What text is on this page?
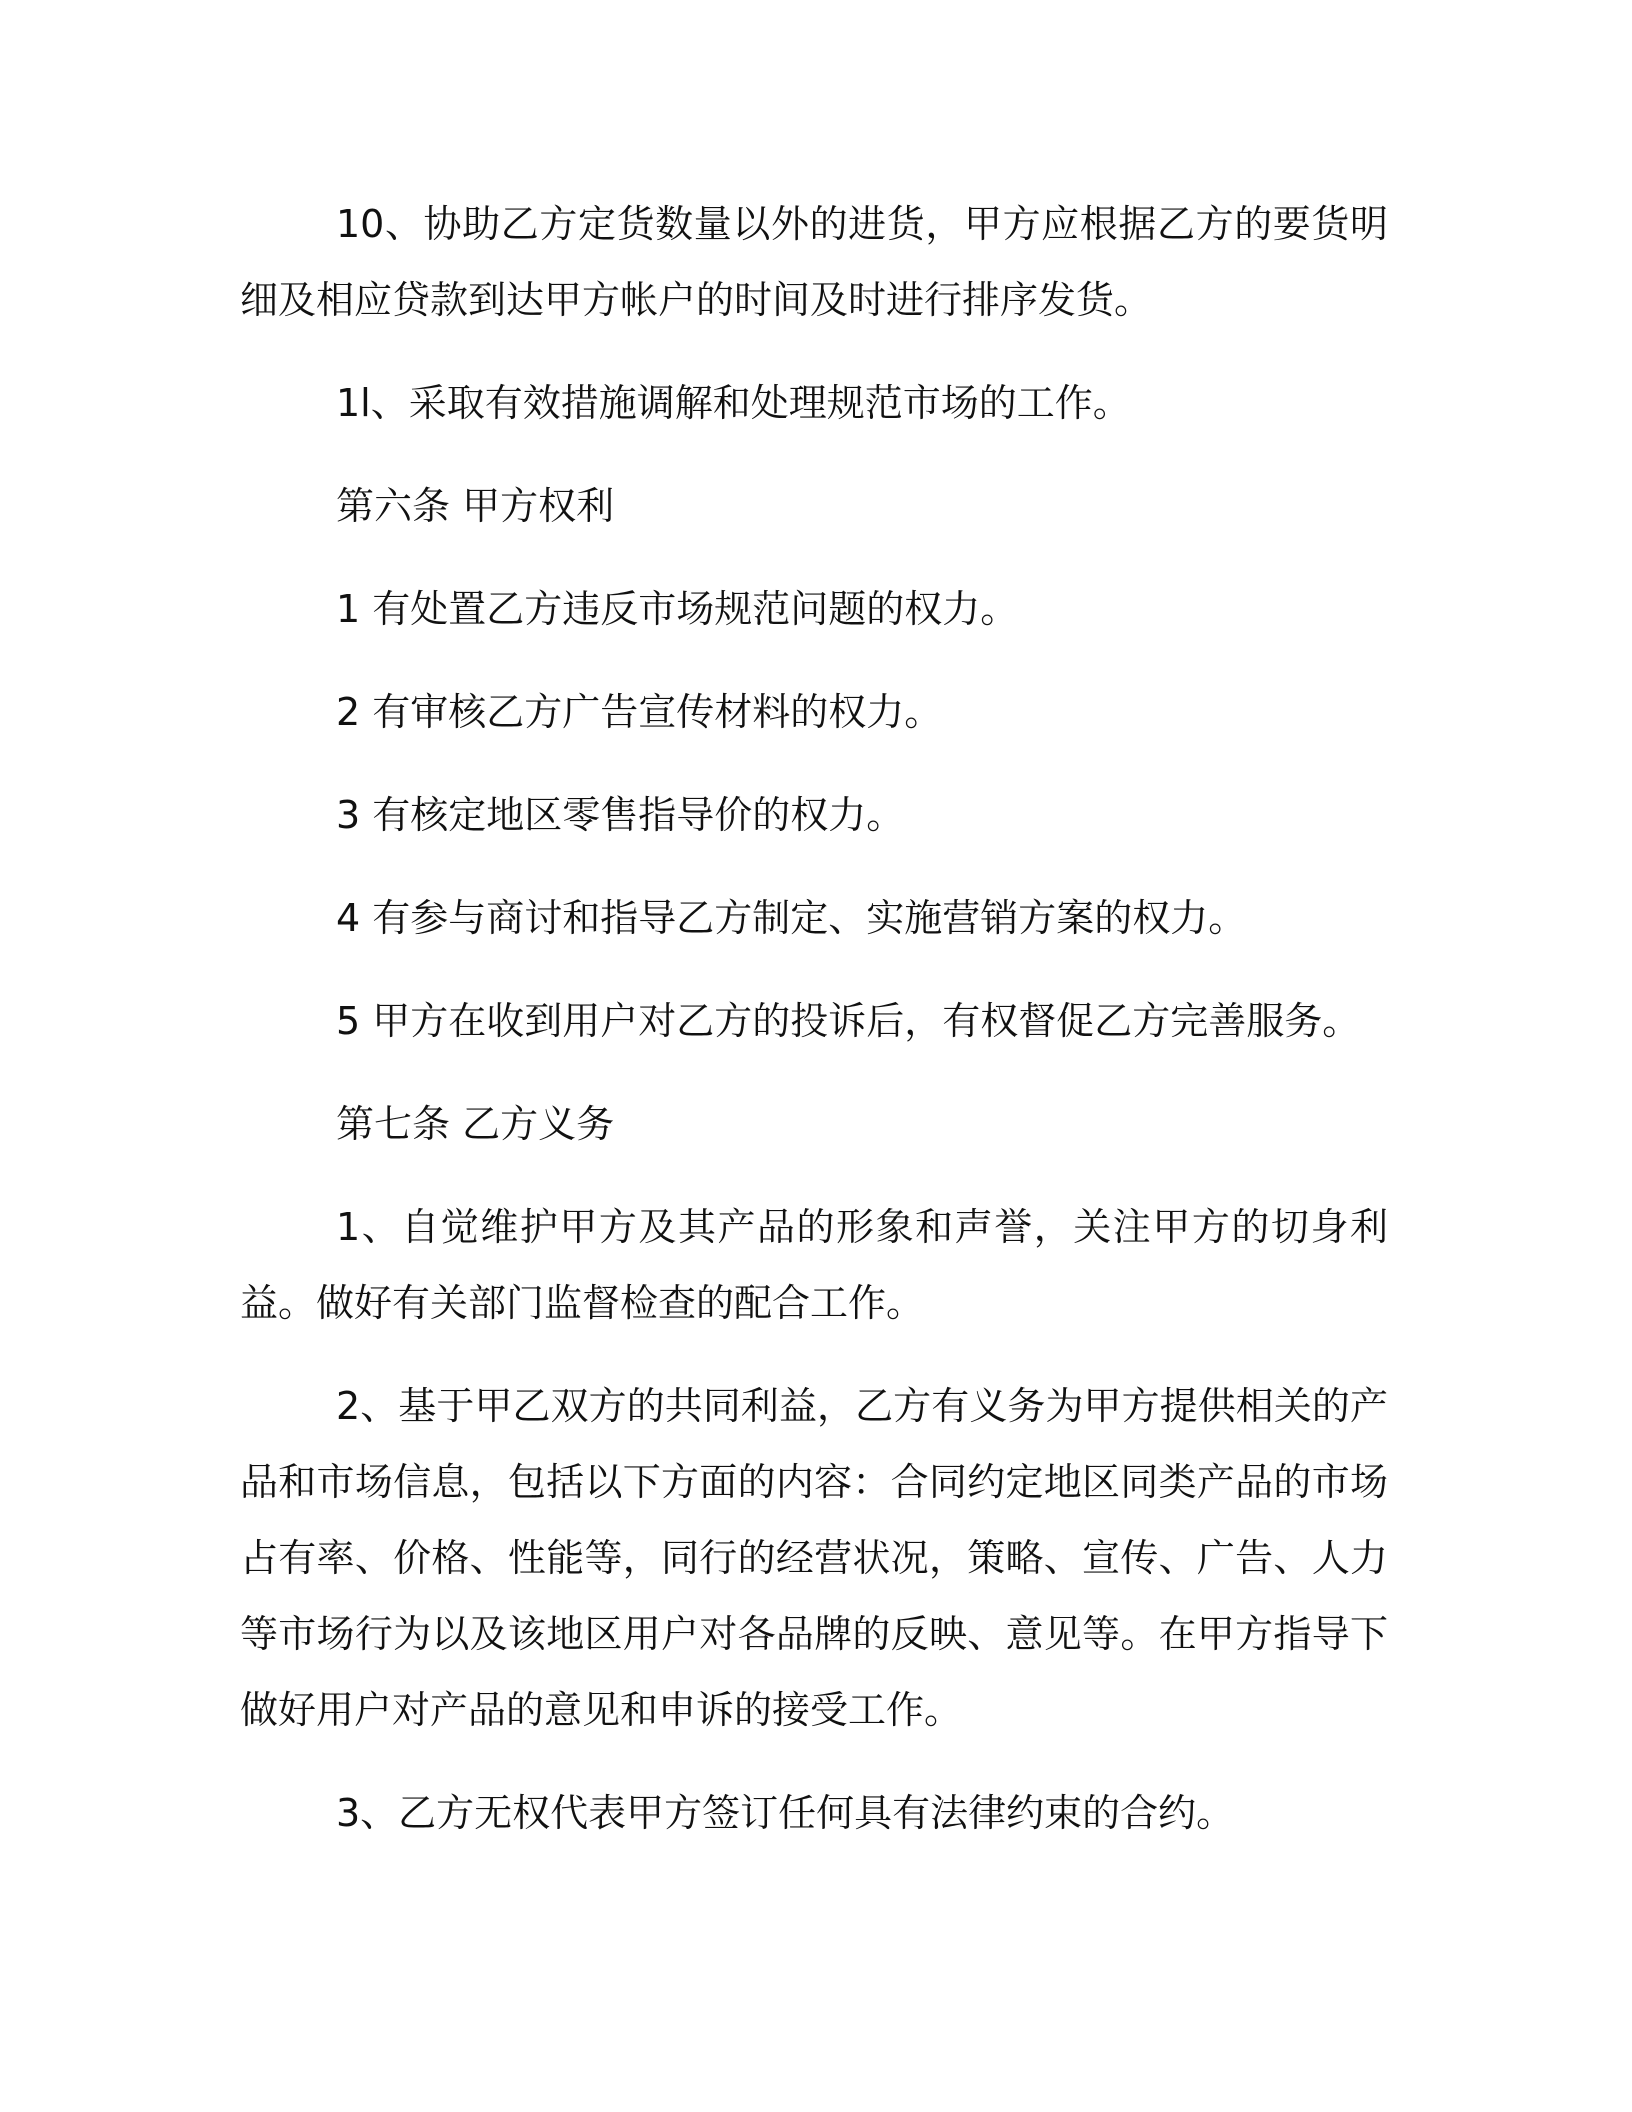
10、协助乙方定货数量以外的进货，甲方应根据乙方的要货明细及相应贷款到达甲方帐户的时间及时进行排序发货。

1l、采取有效措施调解和处理规范市场的工作。

第六条 甲方权利

1 有处置乙方违反市场规范问题的权力。

2 有审核乙方广告宣传材料的权力。

3 有核定地区零售指导价的权力。

4 有参与商讨和指导乙方制定、实施营销方案的权力。

5 甲方在收到用户对乙方的投诉后，有权督促乙方完善服务。

第七条 乙方义务

1、自觉维护甲方及其产品的形象和声誉，关注甲方的切身利益。做好有关部门监督检查的配合工作。

2、基于甲乙双方的共同利益，乙方有义务为甲方提供相关的产品和市场信息，包括以下方面的内容：合同约定地区同类产品的市场占有率、价格、性能等，同行的经营状况，策略、宣传、广告、人力等市场行为以及该地区用户对各品牌的反映、意见等。在甲方指导下做好用户对产品的意见和申诉的接受工作。

3、乙方无权代表甲方签订任何具有法律约束的合约。
